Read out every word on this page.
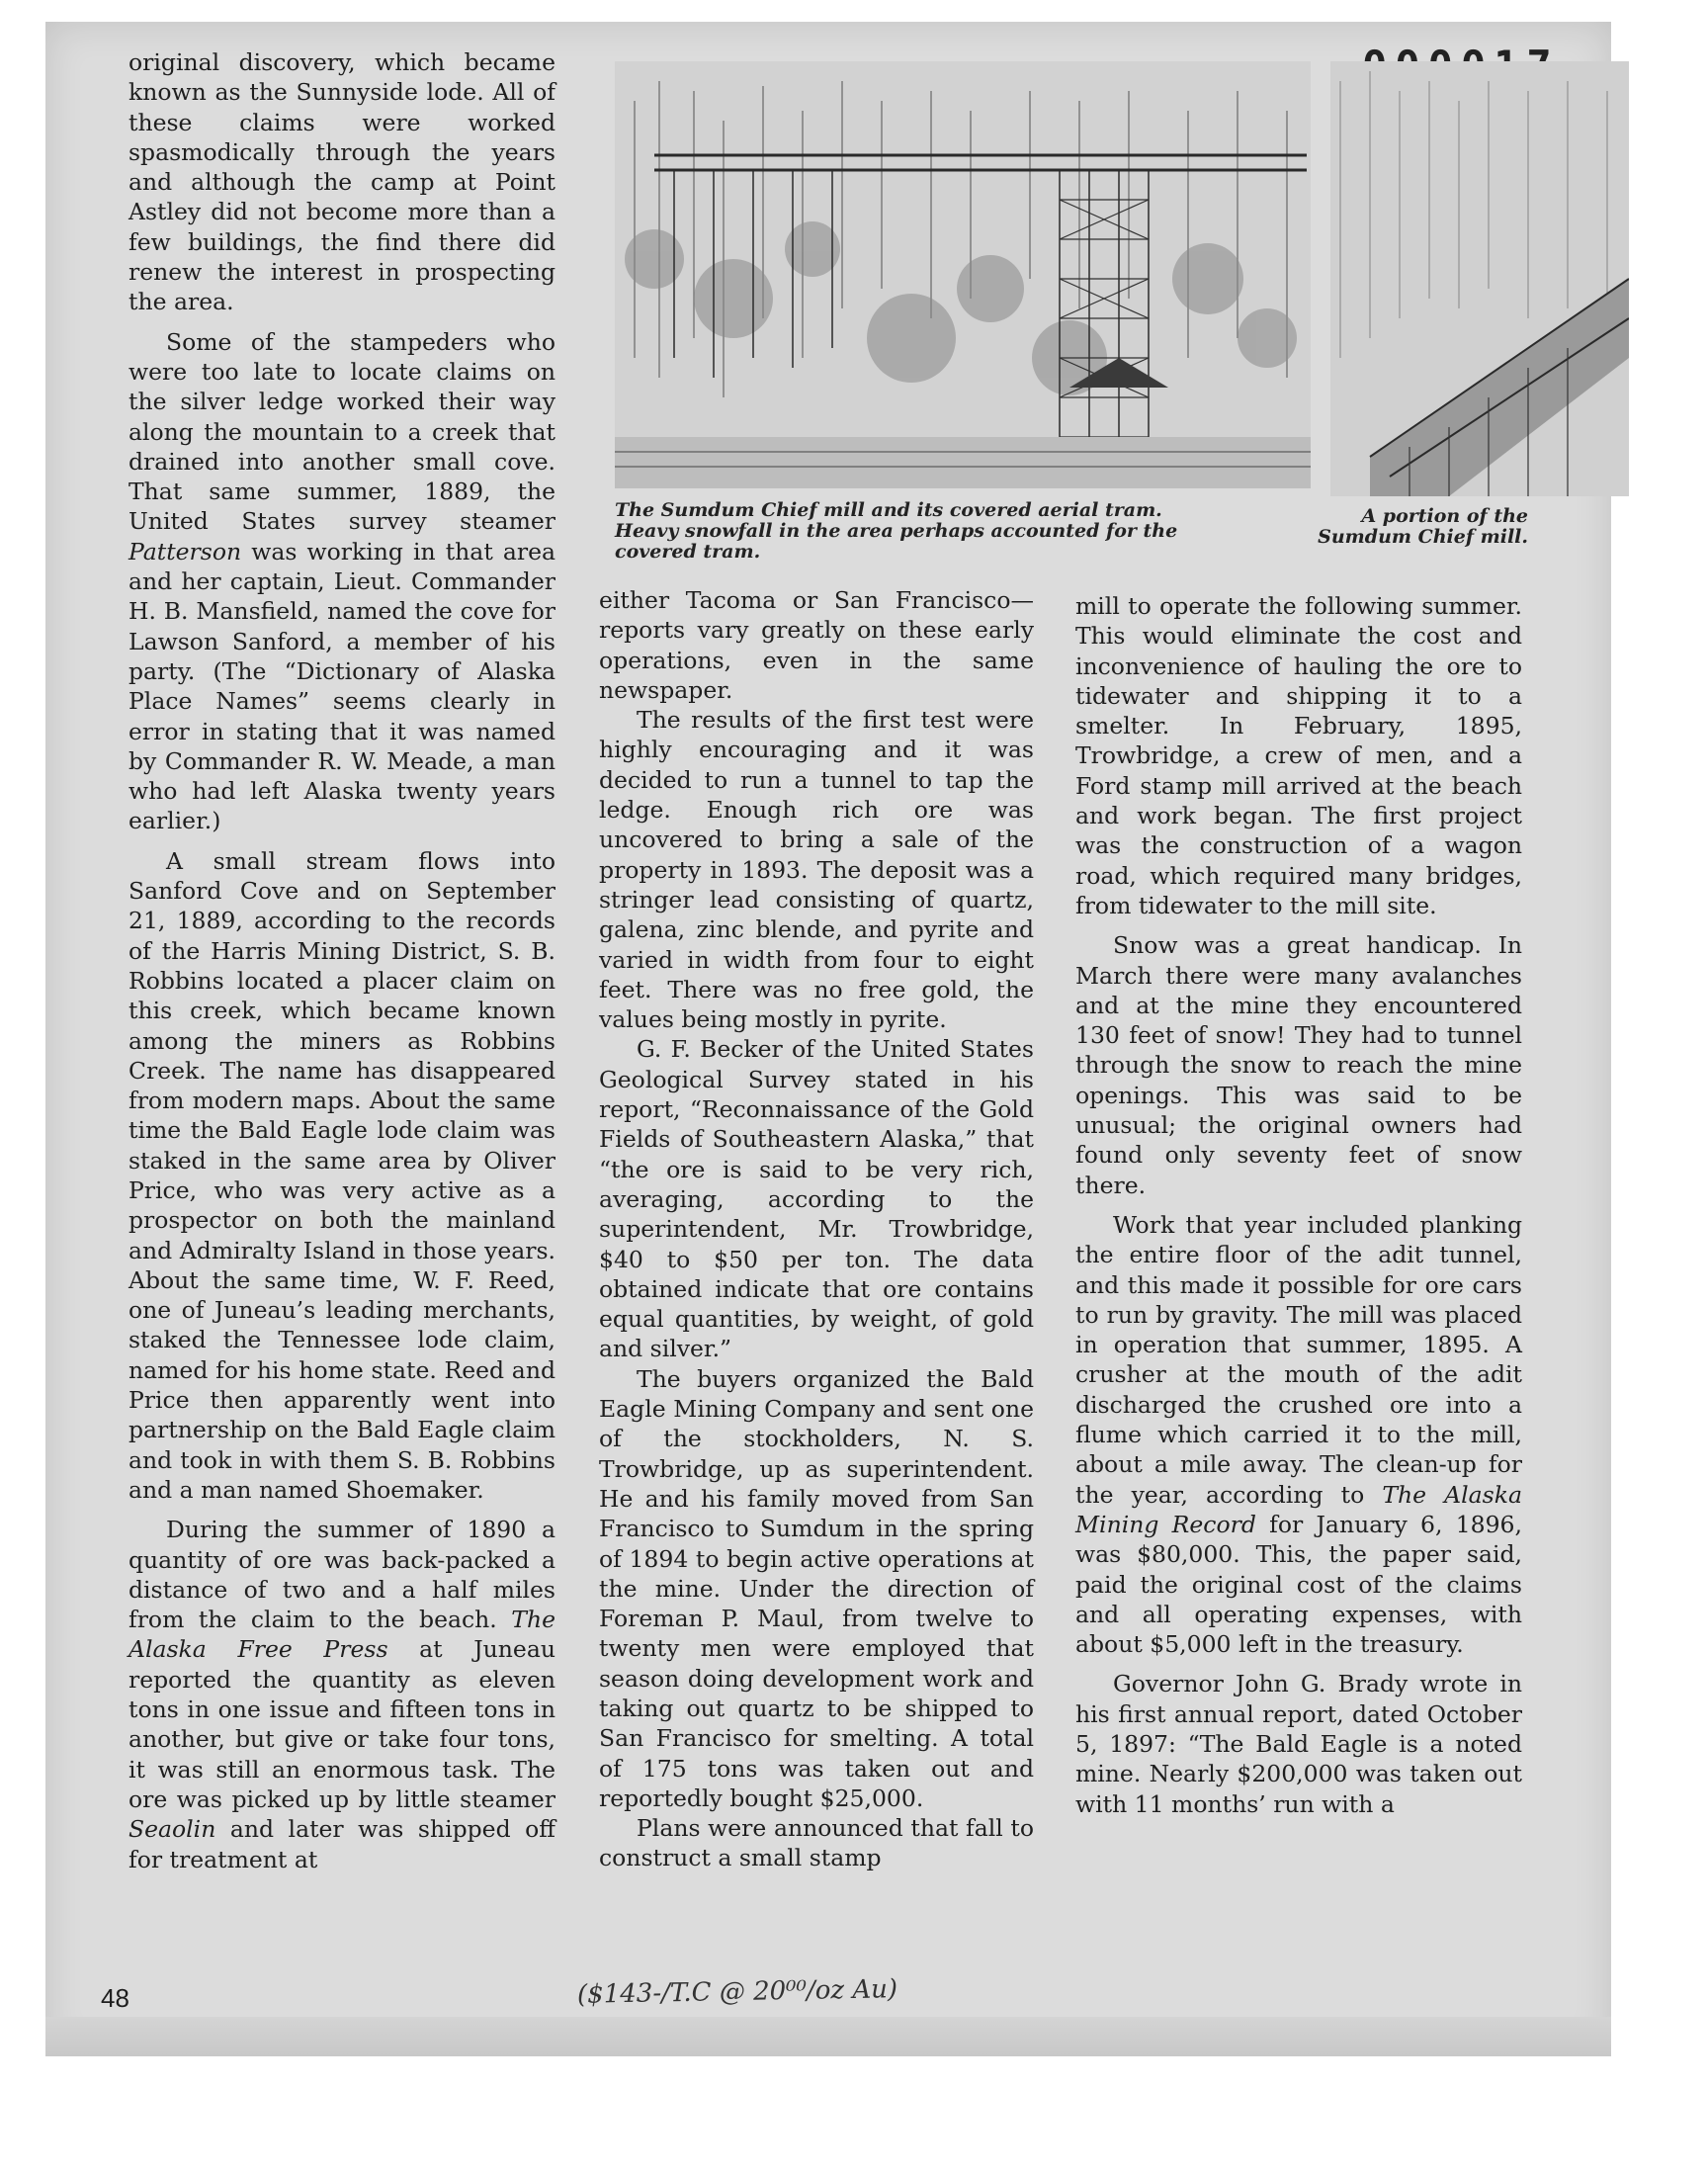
The Sumdum Chief mill and its covered aerial tram. Heavy snowfall in the area perhaps accounted for the covered tram.
A portion of the Sumdum Chief mill.

original discovery, which became known as the Sunnyside lode. All of these claims were worked spasmodically through the years and although the camp at Point Astley did not become more than a few buildings, the find there did renew the interest in prospecting the area.

Some of the stampeders who were too late to locate claims on the silver ledge worked their way along the mountain to a creek that drained into another small cove. That same summer, 1889, the United States survey steamer Patterson was working in that area and her captain, Lieut. Commander H. B. Mansfield, named the cove for Lawson Sanford, a member of his party. (The “Dictionary of Alaska Place Names” seems clearly in error in stating that it was named by Commander R. W. Meade, a man who had left Alaska twenty years earlier.)

A small stream flows into Sanford Cove and on September 21, 1889, according to the records of the Harris Mining District, S. B. Robbins located a placer claim on this creek, which became known among the miners as Robbins Creek. The name has disappeared from modern maps. About the same time the Bald Eagle lode claim was staked in the same area by Oliver Price, who was very active as a prospector on both the mainland and Admiralty Island in those years. About the same time, W. F. Reed, one of Juneau’s leading merchants, staked the Tennessee lode claim, named for his home state. Reed and Price then apparently went into partnership on the Bald Eagle claim and took in with them S. B. Robbins and a man named Shoemaker.

During the summer of 1890 a quantity of ore was back-packed a distance of two and a half miles from the claim to the beach. The Alaska Free Press at Juneau reported the quantity as eleven tons in one issue and fifteen tons in another, but give or take four tons, it was still an enormous task. The ore was picked up by little steamer Seaolin and later was shipped off for treatment at

either Tacoma or San Francisco—reports vary greatly on these early operations, even in the same newspaper.

The results of the first test were highly encouraging and it was decided to run a tunnel to tap the ledge. Enough rich ore was uncovered to bring a sale of the property in 1893. The deposit was a stringer lead consisting of quartz, galena, zinc blende, and pyrite and varied in width from four to eight feet. There was no free gold, the values being mostly in pyrite.

G. F. Becker of the United States Geological Survey stated in his report, “Reconnaissance of the Gold Fields of Southeastern Alaska,” that “the ore is said to be very rich, averaging, according to the superintendent, Mr. Trowbridge, $40 to $50 per ton. The data obtained indicate that ore contains equal quantities, by weight, of gold and silver.”

The buyers organized the Bald Eagle Mining Company and sent one of the stockholders, N. S. Trowbridge, up as superintendent. He and his family moved from San Francisco to Sumdum in the spring of 1894 to begin active operations at the mine. Under the direction of Foreman P. Maul, from twelve to twenty men were employed that season doing development work and taking out quartz to be shipped to San Francisco for smelting. A total of 175 tons was taken out and reportedly bought $25,000.

Plans were announced that fall to construct a small stamp

mill to operate the following summer. This would eliminate the cost and inconvenience of hauling the ore to tidewater and shipping it to a smelter. In February, 1895, Trowbridge, a crew of men, and a Ford stamp mill arrived at the beach and work began. The first project was the construction of a wagon road, which required many bridges, from tidewater to the mill site.

Snow was a great handicap. In March there were many avalanches and at the mine they encountered 130 feet of snow! They had to tunnel through the snow to reach the mine openings. This was said to be unusual; the original owners had found only seventy feet of snow there.

Work that year included planking the entire floor of the adit tunnel, and this made it possible for ore cars to run by gravity. The mill was placed in operation that summer, 1895. A crusher at the mouth of the adit discharged the crushed ore into a flume which carried it to the mill, about a mile away. The clean-up for the year, according to The Alaska Mining Record for January 6, 1896, was $80,000. This, the paper said, paid the original cost of the claims and all operating expenses, with about $5,000 left in the treasury.

Governor John G. Brady wrote in his first annual report, dated October 5, 1897: “The Bald Eagle is a noted mine. Nearly $200,000 was taken out with 11 months’ run with a

48	($143-/T.C @ 20⁰⁰/oz Au)
